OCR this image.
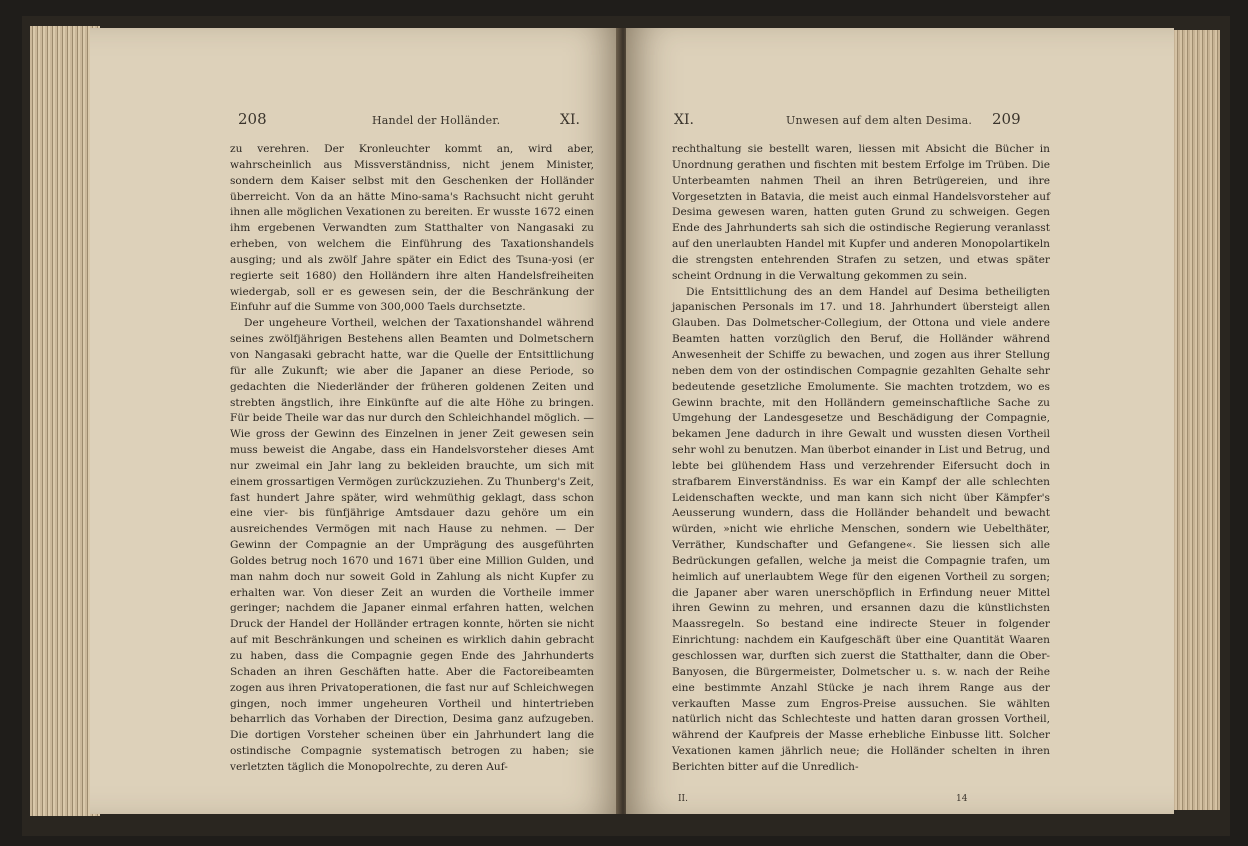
208	Handel der Holländer.	XI.

zu verehren. Der Kronleuchter kommt an, wird aber, wahrscheinlich aus Missverständniss, nicht jenem Minister, sondern dem Kaiser selbst mit den Geschenken der Holländer überreicht. Von da an hätte Mino-sama's Rachsucht nicht geruht ihnen alle möglichen Vexationen zu bereiten. Er wusste 1672 einen ihm ergebenen Verwandten zum Statthalter von Nangasaki zu erheben, von welchem die Einführung des Taxationshandels ausging; und als zwölf Jahre später ein Edict des Tsuna-yosi (er regierte seit 1680) den Holländern ihre alten Handelsfreiheiten wiedergab, soll er es gewesen sein, der die Beschränkung der Einfuhr auf die Summe von 300,000 Taels durchsetzte.

Der ungeheure Vortheil, welchen der Taxationshandel während seines zwölfjährigen Bestehens allen Beamten und Dolmetschern von Nangasaki gebracht hatte, war die Quelle der Entsittlichung für alle Zukunft; wie aber die Japaner an diese Periode, so gedachten die Niederländer der früheren goldenen Zeiten und strebten ängstlich, ihre Einkünfte auf die alte Höhe zu bringen. Für beide Theile war das nur durch den Schleichhandel möglich. — Wie gross der Gewinn des Einzelnen in jener Zeit gewesen sein muss beweist die Angabe, dass ein Handelsvorsteher dieses Amt nur zweimal ein Jahr lang zu bekleiden brauchte, um sich mit einem grossartigen Vermögen zurückzuziehen. Zu Thunberg's Zeit, fast hundert Jahre später, wird wehmüthig geklagt, dass schon eine vier- bis fünfjährige Amtsdauer dazu gehöre um ein ausreichendes Vermögen mit nach Hause zu nehmen. — Der Gewinn der Compagnie an der Umprägung des ausgeführten Goldes betrug noch 1670 und 1671 über eine Million Gulden, und man nahm doch nur soweit Gold in Zahlung als nicht Kupfer zu erhalten war. Von dieser Zeit an wurden die Vortheile immer geringer; nachdem die Japaner einmal erfahren hatten, welchen Druck der Handel der Holländer ertragen konnte, hörten sie nicht auf mit Beschränkungen und scheinen es wirklich dahin gebracht zu haben, dass die Compagnie gegen Ende des Jahrhunderts Schaden an ihren Geschäften hatte. Aber die Factoreibeamten zogen aus ihren Privatoperationen, die fast nur auf Schleichwegen gingen, noch immer ungeheuren Vortheil und hintertrieben beharrlich das Vorhaben der Direction, Desima ganz aufzugeben. Die dortigen Vorsteher scheinen über ein Jahrhundert lang die ostindische Compagnie systematisch betrogen zu haben; sie verletzten täglich die Monopolrechte, zu deren Auf-

XI.	Unwesen auf dem alten Desima. 209

rechthaltung sie bestellt waren, liessen mit Absicht die Bücher in Unordnung gerathen und fischten mit bestem Erfolge im Trüben. Die Unterbeamten nahmen Theil an ihren Betrügereien, und ihre Vorgesetzten in Batavia, die meist auch einmal Handelsvorsteher auf Desima gewesen waren, hatten guten Grund zu schweigen. Gegen Ende des Jahrhunderts sah sich die ostindische Regierung veranlasst auf den unerlaubten Handel mit Kupfer und anderen Monopolartikeln die strengsten entehrenden Strafen zu setzen, und etwas später scheint Ordnung in die Verwaltung gekommen zu sein.

Die Entsittlichung des an dem Handel auf Desima betheiligten japanischen Personals im 17. und 18. Jahrhundert übersteigt allen Glauben. Das Dolmetscher-Collegium, der Ottona und viele andere Beamten hatten vorzüglich den Beruf, die Holländer während Anwesenheit der Schiffe zu bewachen, und zogen aus ihrer Stellung neben dem von der ostindischen Compagnie gezahlten Gehalte sehr bedeutende gesetzliche Emolumente. Sie machten trotzdem, wo es Gewinn brachte, mit den Holländern gemeinschaftliche Sache zu Umgehung der Landesgesetze und Beschädigung der Compagnie, bekamen Jene dadurch in ihre Gewalt und wussten diesen Vortheil sehr wohl zu benutzen. Man überbot einander in List und Betrug, und lebte bei glühendem Hass und verzehrender Eifersucht doch in strafbarem Einverständniss. Es war ein Kampf der alle schlechten Leidenschaften weckte, und man kann sich nicht über Kämpfer's Aeusserung wundern, dass die Holländer behandelt und bewacht würden, »nicht wie ehrliche Menschen, sondern wie Uebelthäter, Verräther, Kundschafter und Gefangene«. Sie liessen sich alle Bedrückungen gefallen, welche ja meist die Compagnie trafen, um heimlich auf unerlaubtem Wege für den eigenen Vortheil zu sorgen; die Japaner aber waren unerschöpflich in Erfindung neuer Mittel ihren Gewinn zu mehren, und ersannen dazu die künstlichsten Maassregeln. So bestand eine indirecte Steuer in folgender Einrichtung: nachdem ein Kaufgeschäft über eine Quantität Waaren geschlossen war, durften sich zuerst die Statthalter, dann die Ober-Banyosen, die Bürgermeister, Dolmetscher u. s. w. nach der Reihe eine bestimmte Anzahl Stücke je nach ihrem Range aus der verkauften Masse zum Engros-Preise aussuchen. Sie wählten natürlich nicht das Schlechteste und hatten daran grossen Vortheil, während der Kaufpreis der Masse erhebliche Einbusse litt. Solcher Vexationen kamen jährlich neue; die Holländer schelten in ihren Berichten bitter auf die Unredlich-

II.	14
